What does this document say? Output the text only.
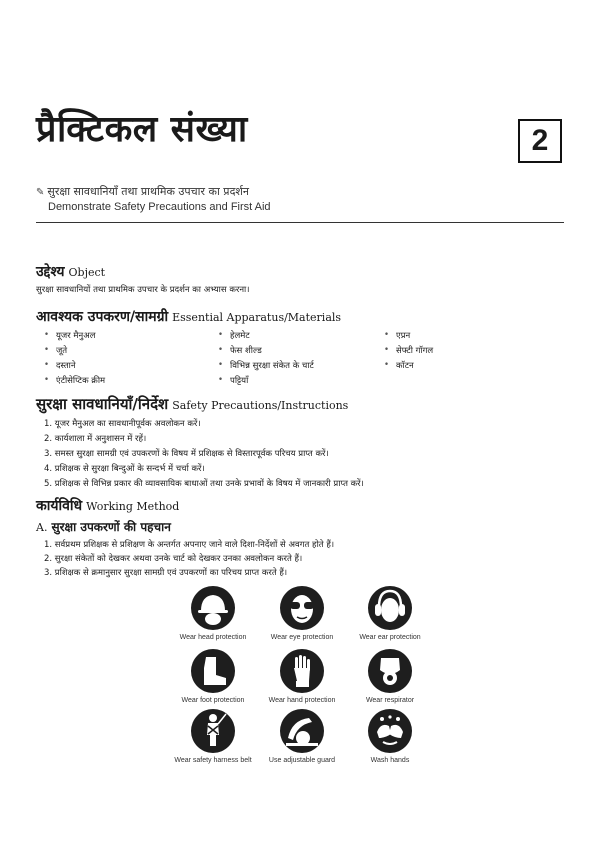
प्रैक्टिकल संख्या	2
✎ सुरक्षा सावधानियाँ तथा प्राथमिक उपचार का प्रदर्शन
Demonstrate Safety Precautions and First Aid
उद्देश्य Object
सुरक्षा सावधानियों तथा प्राथमिक उपचार के प्रदर्शन का अभ्यास करना।
आवश्यक उपकरण/सामग्री Essential Apparatus/Materials
• यूजर मैनुअल
• जूते
• दस्ताने
• एंटीसेप्टिक क्रीम
• हेलमेट
• फेस शील्ड
• विभिन्न सुरक्षा संकेत के चार्ट
• पट्टियाँ
• एप्रन
• सेफ्टी गॉगल
• कॉटन
सुरक्षा सावधानियाँ/निर्देश Safety Precautions/Instructions
1. यूजर मैनुअल का सावधानीपूर्वक अवलोकन करें।
2. कार्यशाला में अनुशासन में रहें।
3. समस्त सुरक्षा सामग्री एवं उपकरणों के विषय में प्रशिक्षक से विस्तारपूर्वक परिचय प्राप्त करें।
4. प्रशिक्षक से सुरक्षा बिन्दुओं के सन्दर्भ में चर्चा करें।
5. प्रशिक्षक से विभिन्न प्रकार की व्यावसायिक बाधाओं तथा उनके प्रभावों के विषय में जानकारी प्राप्त करें।
कार्यविधि Working Method
A. सुरक्षा उपकरणों की पहचान
1. सर्वप्रथम प्रशिक्षक से प्रशिक्षण के अन्तर्गत अपनाए जाने वाले दिशा-निर्देशों से अवगत होते हैं।
2. सुरक्षा संकेतों को देखकर अथवा उनके चार्ट को देखकर उनका अवलोकन करते हैं।
3. प्रशिक्षक से क्रमानुसार सुरक्षा सामग्री एवं उपकरणों का परिचय प्राप्त करते हैं।
Wear head protection	Wear eye protection	Wear ear protection
Wear foot protection	Wear hand protection	Wear respirator
Wear safety harness belt Use adjustable guard	Wash hands
